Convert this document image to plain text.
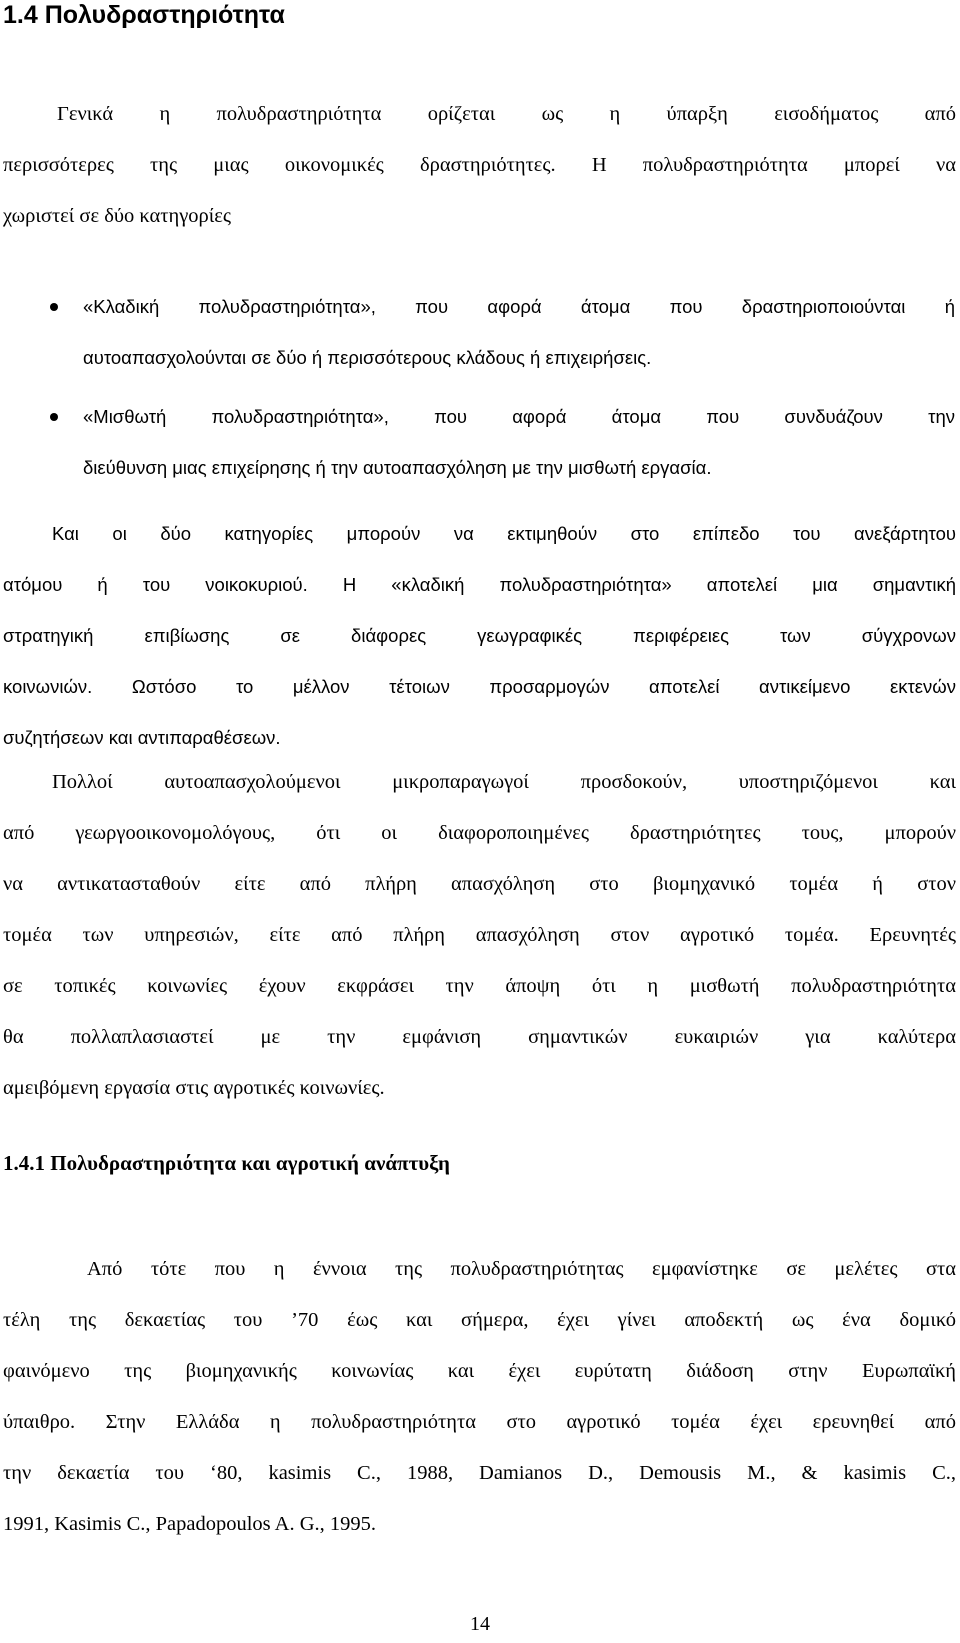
1.4 Πολυδραστηριότητα
Γενικά η πολυδραστηριότητα ορίζεται ως η ύπαρξη εισοδήματος από
περισσότερες της μιας οικονομικές δραστηριότητες. Η πολυδραστηριότητα μπορεί να
χωριστεί σε δύο κατηγορίες
«Κλαδική πολυδραστηριότητα», που αφορά άτομα που δραστηριοποιούνται ή
αυτοαπασχολούνται σε δύο ή περισσότερους κλάδους ή επιχειρήσεις.
«Μισθωτή πολυδραστηριότητα», που αφορά άτομα που συνδυάζουν την
διεύθυνση μιας επιχείρησης ή την αυτοαπασχόληση με την μισθωτή εργασία.
Και οι δύο κατηγορίες μπορούν να εκτιμηθούν στο επίπεδο του ανεξάρτητου
ατόμου ή του νοικοκυριού. Η «κλαδική πολυδραστηριότητα» αποτελεί μια σημαντική
στρατηγική επιβίωσης σε διάφορες γεωγραφικές περιφέρειες των σύγχρονων
κοινωνιών. Ωστόσο το μέλλον τέτοιων προσαρμογών αποτελεί αντικείμενο εκτενών
συζητήσεων και αντιπαραθέσεων.
Πολλοί αυτοαπασχολούμενοι μικροπαραγωγοί προσδοκούν, υποστηριζόμενοι και
από γεωργοοικονομολόγους, ότι οι διαφοροποιημένες δραστηριότητες τους, μπορούν
να αντικατασταθούν είτε από πλήρη απασχόληση στο βιομηχανικό τομέα ή στον
τομέα των υπηρεσιών, είτε από πλήρη απασχόληση στον αγροτικό τομέα. Ερευνητές
σε τοπικές κοινωνίες έχουν εκφράσει την άποψη ότι η μισθωτή πολυδραστηριότητα
θα πολλαπλασιαστεί με την εμφάνιση σημαντικών ευκαιριών για καλύτερα
αμειβόμενη εργασία στις αγροτικές κοινωνίες.
1.4.1 Πολυδραστηριότητα και αγροτική ανάπτυξη
Από τότε που η έννοια της πολυδραστηριότητας εμφανίστηκε σε μελέτες στα
τέλη της δεκαετίας του ’70 έως και σήμερα, έχει γίνει αποδεκτή ως ένα δομικό
φαινόμενο της βιομηχανικής κοινωνίας και έχει ευρύτατη διάδοση στην Ευρωπαϊκή
ύπαιθρο. Στην Ελλάδα η πολυδραστηριότητα στο αγροτικό τομέα έχει ερευνηθεί από
την δεκαετία του ‘80, kasimis C., 1988, Damianos D., Demousis M., & kasimis C.,
1991, Kasimis C., Papadopoulos A. G., 1995.
14
